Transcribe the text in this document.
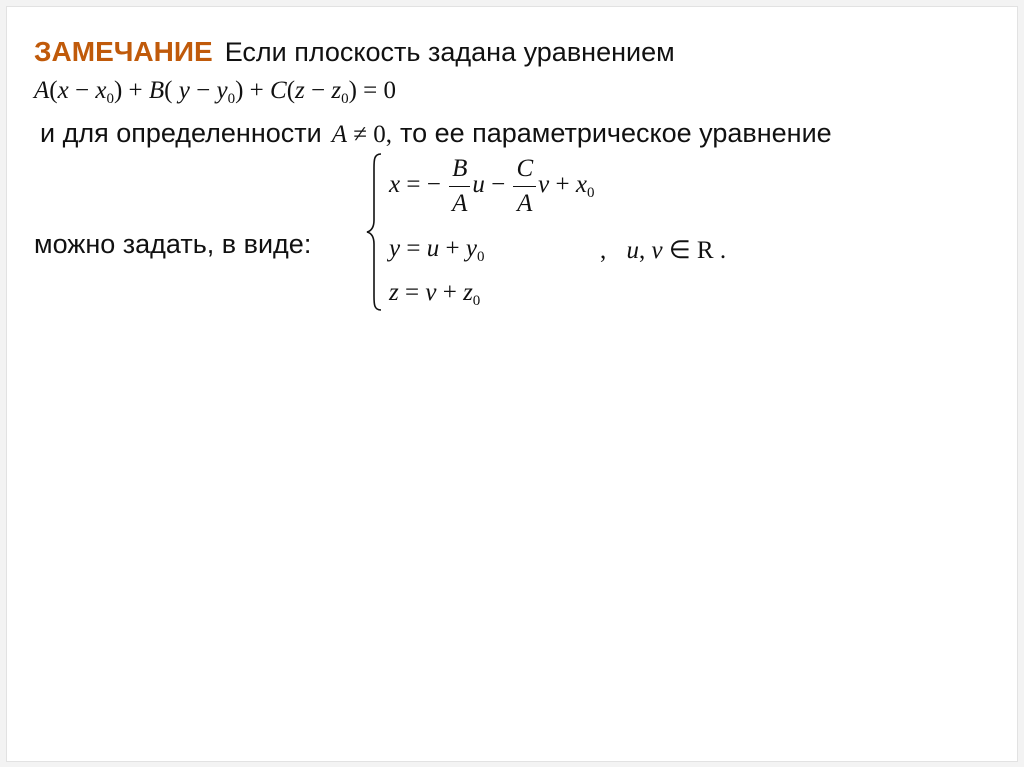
ЗАМЕЧАНИЕ Если плоскость задана уравнением
$A(x - x_0) + B$( $y - y_0) + C(z - z_0) = 0$
и для определенности A ≠ 0, то ее параметрическое уравнение
можно задать, в виде:
x = − $\frac{B}{A}$ $u - \frac{C}{A}$ $v + x_0$
$y = u + y_0$	, u, v ∈ R .
$z = v + z_0$
